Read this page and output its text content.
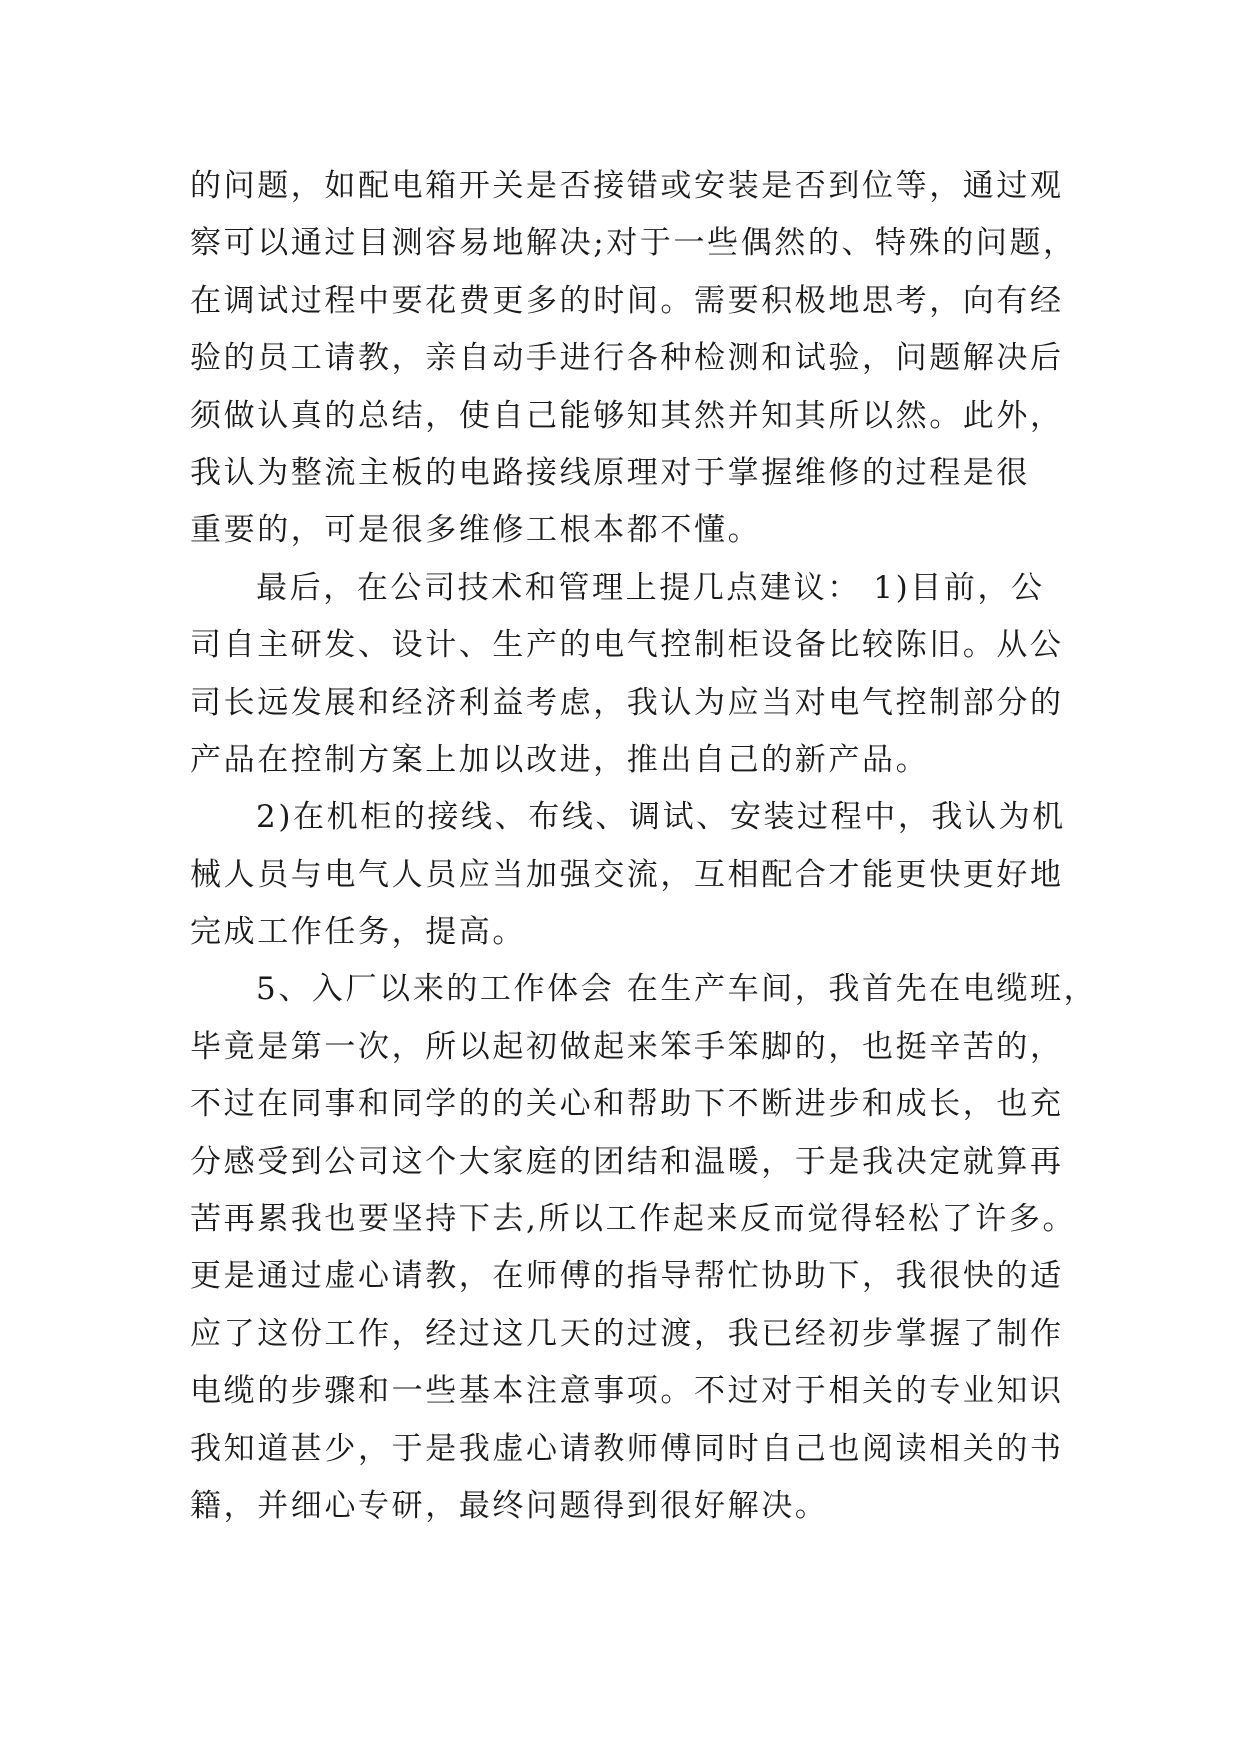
的问题，如配电箱开关是否接错或安装是否到位等，通过观
察可以通过目测容易地解决;对于一些偶然的、特殊的问题，
在调试过程中要花费更多的时间。需要积极地思考，向有经
验的员工请教，亲自动手进行各种检测和试验，问题解决后
须做认真的总结，使自己能够知其然并知其所以然。此外，
我认为整流主板的电路接线原理对于掌握维修的过程是很
重要的，可是很多维修工根本都不懂。
最后，在公司技术和管理上提几点建议： 1)目前，公
司自主研发、设计、生产的电气控制柜设备比较陈旧。从公
司长远发展和经济利益考虑，我认为应当对电气控制部分的
产品在控制方案上加以改进，推出自己的新产品。
2)在机柜的接线、布线、调试、安装过程中，我认为机
械人员与电气人员应当加强交流，互相配合才能更快更好地
完成工作任务，提高。
5、入厂以来的工作体会 在生产车间，我首先在电缆班，
毕竟是第一次，所以起初做起来笨手笨脚的，也挺辛苦的，
不过在同事和同学的的关心和帮助下不断进步和成长，也充
分感受到公司这个大家庭的团结和温暖，于是我决定就算再
苦再累我也要坚持下去,所以工作起来反而觉得轻松了许多。
更是通过虚心请教，在师傅的指导帮忙协助下，我很快的适
应了这份工作，经过这几天的过渡，我已经初步掌握了制作
电缆的步骤和一些基本注意事项。不过对于相关的专业知识
我知道甚少，于是我虚心请教师傅同时自己也阅读相关的书
籍，并细心专研，最终问题得到很好解决。
